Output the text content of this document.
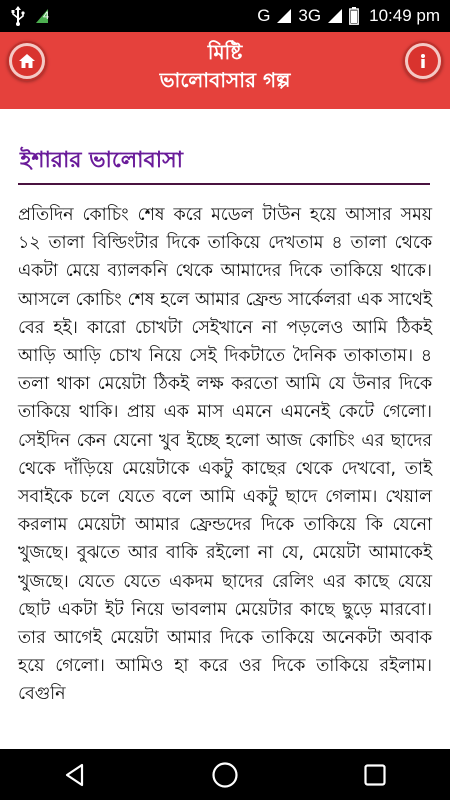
4	G 3G	10:49 pm
মিষ্টি
ভালোবাসার গল্প
ইশারার ভালোবাসা
প্রতিদিন কোচিং শেষ করে মডেল টাউন হয়ে আসার সময় ১২ তালা বিল্ডিংটার দিকে তাকিয়ে দেখতাম ৪ তালা থেকে একটা মেয়ে ব্যালকনি থেকে আমাদের দিকে তাকিয়ে থাকে। আসলে কোচিং শেষ হলে আমার ফ্রেন্ড সার্কেলরা এক সাথেই বের হই। কারো চোখটা সেইখানে না পড়লেও আমি ঠিকই আড়ি আড়ি চোখ নিয়ে সেই দিকটাতে দৈনিক তাকাতাম। ৪ তলা থাকা মেয়েটা ঠিকই লক্ষ করতো আমি যে উনার দিকে তাকিয়ে থাকি। প্রায় এক মাস এমনে এমনেই কেটে গেলো। সেইদিন কেন যেনো খুব ইচ্ছে হলো আজ কোচিং এর ছাদের থেকে দাঁড়িয়ে মেয়েটাকে একটু কাছের থেকে দেখবো, তাই সবাইকে চলে যেতে বলে আমি একটু ছাদে গেলাম। খেয়াল করলাম মেয়েটা আমার ফ্রেন্ডদের দিকে তাকিয়ে কি যেনো খুজছে। বুঝতে আর বাকি রইলো না যে, মেয়েটা আমাকেই খুজছে। যেতে যেতে একদম ছাদের রেলিং এর কাছে যেয়ে ছোট একটা ইট নিয়ে ভাবলাম মেয়েটার কাছে ছুড়ে মারবো। তার আগেই মেয়েটা আমার দিকে তাকিয়ে অনেকটা অবাক হয়ে গেলো। আমিও হা করে ওর দিকে তাকিয়ে রইলাম। বেগুনি
